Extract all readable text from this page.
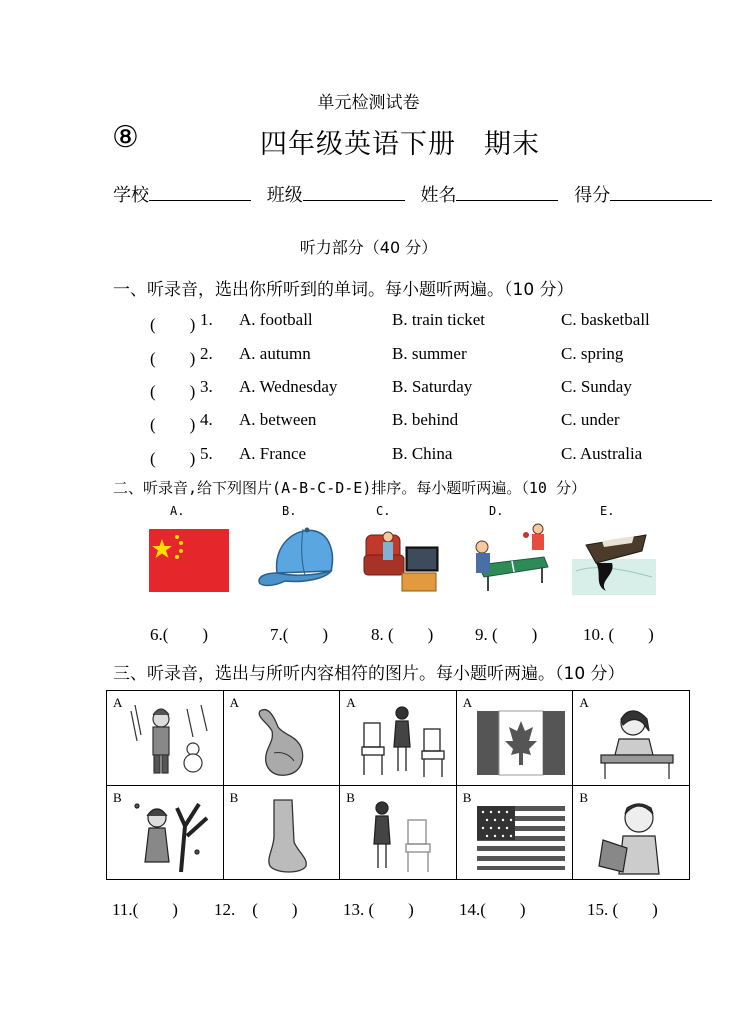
单元检测试卷
⑧	四年级英语下册　期末
学校	班级	姓名	得分
听力部分（40 分）
一、听录音，选出你所听到的单词。每小题听两遍。（10 分）
(　　) 1. A. football	B. train ticket	C. basketball
(　　) 2. A. autumn	B. summer	C. spring
(　　) 3. A. Wednesday	B. Saturday	C. Sunday
(　　) 4. A. between	B. behind	C. under
(　　) 5. A. France	B. China	C. Australia
二、听录音,给下列图片(A-B-C-D-E)排序。每小题听两遍。（10 分）
A.	B.	C.	D.	E.
6.(　　)	7.(　　)	8. (　　) 9. (　　)	10. (　　)
三、听录音，选出与所听内容相符的图片。每小题听两遍。（10 分）
A	A	A	A	A

B	B	B	B	B
11.(　　) 12.　(　　)	13. (　　)	14.(　　)	15. (　　)
